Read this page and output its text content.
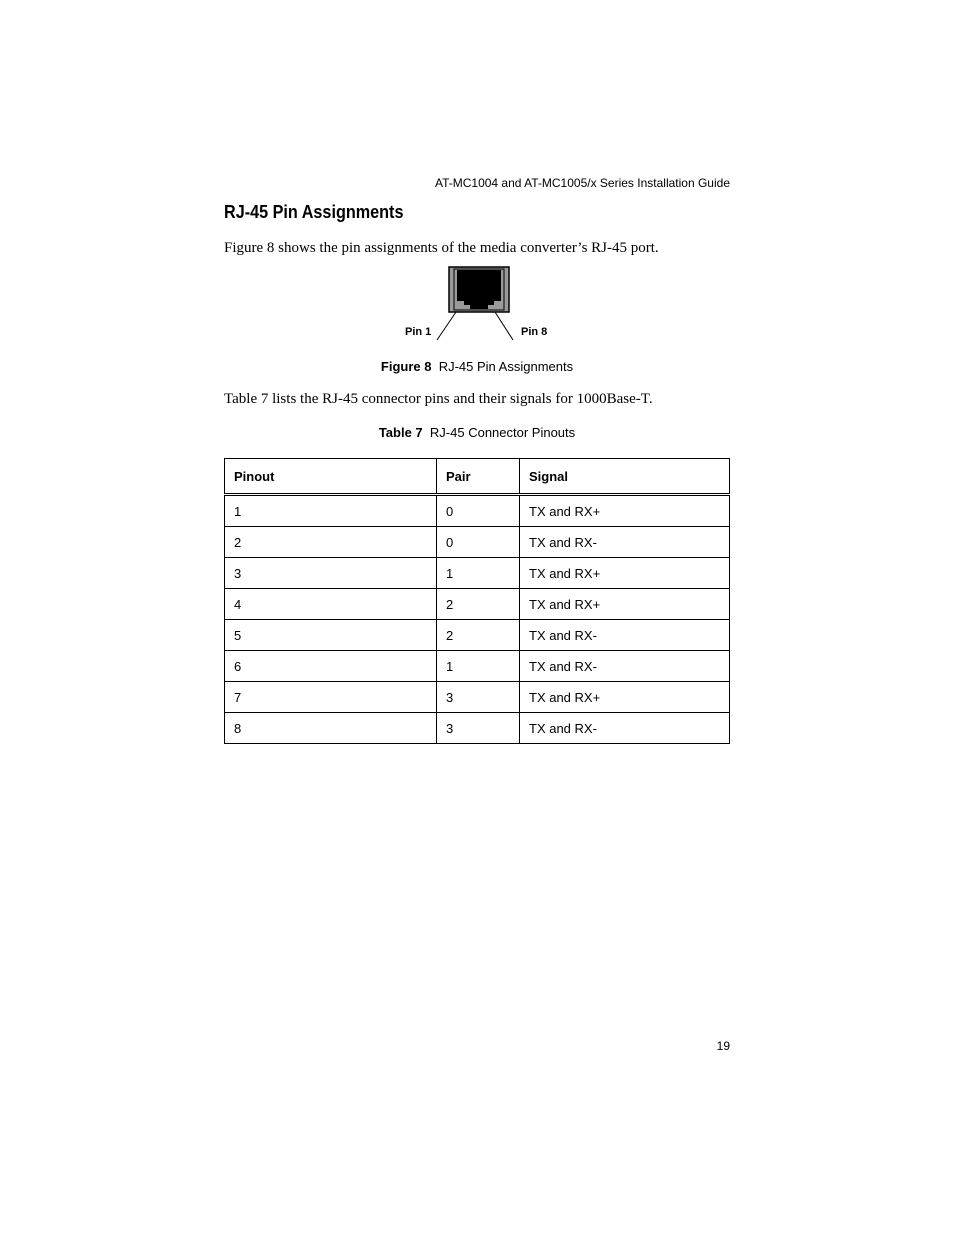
AT-MC1004 and AT-MC1005/x Series Installation Guide
RJ-45 Pin Assignments

Figure 8 shows the pin assignments of the media converter’s RJ-45 port.

Pin 1	Pin 8
Figure 8 RJ-45 Pin Assignments

Table 7 lists the RJ-45 connector pins and their signals for 1000Base-T.

Table 7 RJ-45 Connector Pinouts
Pinout	Pair	Signal
1	0	TX and RX+
2	0	TX and RX-
3	1	TX and RX+
4	2	TX and RX+
5	2	TX and RX-
6	1	TX and RX-
7	3	TX and RX+
8	3	TX and RX-
19
